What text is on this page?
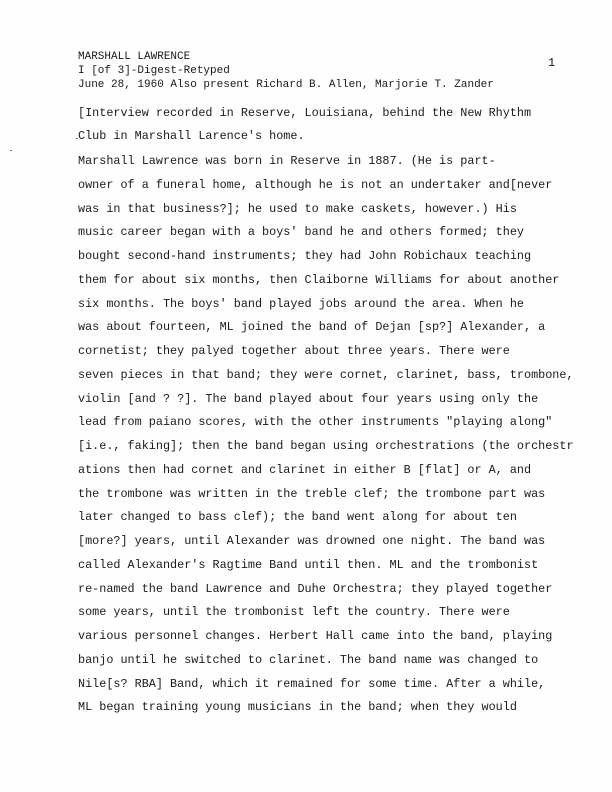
1
MARSHALL LAWRENCE
I [of 3]-Digest-Retyped
June 28, 1960 Also present Richard B. Allen, Marjorie T. Zander
[Interview recorded in Reserve, Louisiana, behind the New Rhythm
Club in Marshall Larence's home.
Marshall Lawrence was born in Reserve in 1887. (He is part-
owner of a funeral home, although he is not an undertaker and[never
was in that business?]; he used to make caskets, however.) His
music career began with a boys' band he and others formed; they
bought second-hand instruments; they had John Robichaux teaching
them for about six months, then Claiborne Williams for about another
six months. The boys' band played jobs around the area. When he
was about fourteen, ML joined the band of Dejan [sp?] Alexander, a
cornetist; they palyed together about three years. There were
seven pieces in that band; they were cornet, clarinet, bass, trombone,
violin [and ? ?]. The band played about four years using only the
lead from paiano scores, with the other instruments "playing along"
[i.e., faking]; then the band began using orchestrations (the orchestr
ations then had cornet and clarinet in either B [flat] or A, and
the trombone was written in the treble clef; the trombone part was
later changed to bass clef); the band went along for about ten
[more?] years, until Alexander was drowned one night. The band was
called Alexander's Ragtime Band until then. ML and the trombonist
re-named the band Lawrence and Duhe Orchestra; they played together
some years, until the trombonist left the country. There were
various personnel changes. Herbert Hall came into the band, playing
banjo until he switched to clarinet. The band name was changed to
Nile[s? RBA] Band, which it remained for some time. After a while,
ML began training young musicians in the band; when they would
